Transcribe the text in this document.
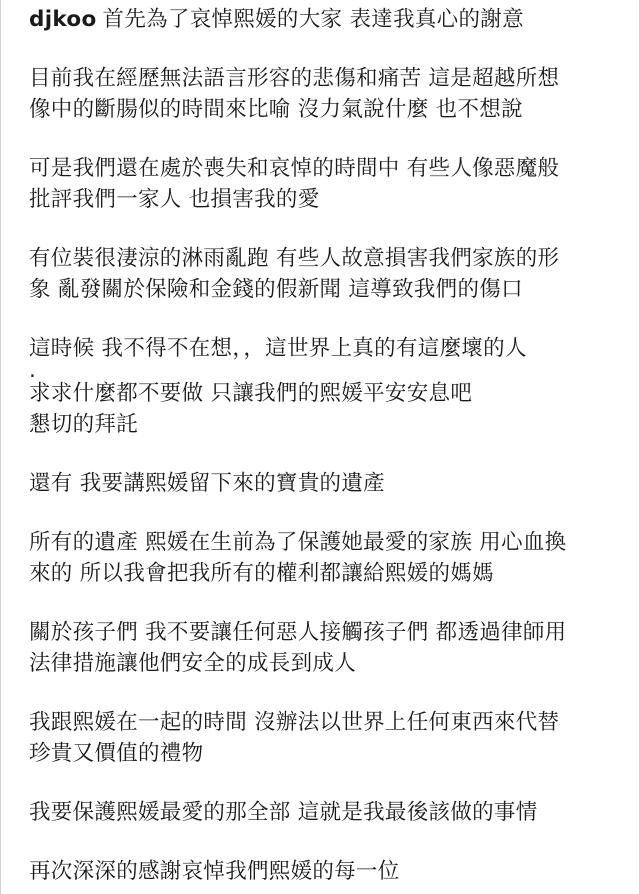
djkoo 首先為了哀悼熙媛的大家 表達我真心的謝意

目前我在經歷無法語言形容的悲傷和痛苦 這是超越所想
像中的斷腸似的時間來比喻 沒力氣說什麼 也不想說

可是我們還在處於喪失和哀悼的時間中 有些人像惡魔般
批評我們一家人 也損害我的愛

有位裝很淒涼的淋雨亂跑 有些人故意損害我們家族的形
象 亂發關於保險和金錢的假新聞 這導致我們的傷口

這時候 我不得不在想，，這世界上真的有這麼壞的人

.

求求什麼都不要做 只讓我們的熙媛平安安息吧
懇切的拜託

還有 我要講熙媛留下來的寶貴的遺產

所有的遺產 熙媛在生前為了保護她最愛的家族 用心血換
來的 所以我會把我所有的權利都讓給熙媛的媽媽

關於孩子們 我不要讓任何惡人接觸孩子們 都透過律師用
法律措施讓他們安全的成長到成人

我跟熙媛在一起的時間 沒辦法以世界上任何東西來代替
珍貴又價值的禮物

我要保護熙媛最愛的那全部 這就是我最後該做的事情

再次深深的感謝哀悼我們熙媛的每一位
